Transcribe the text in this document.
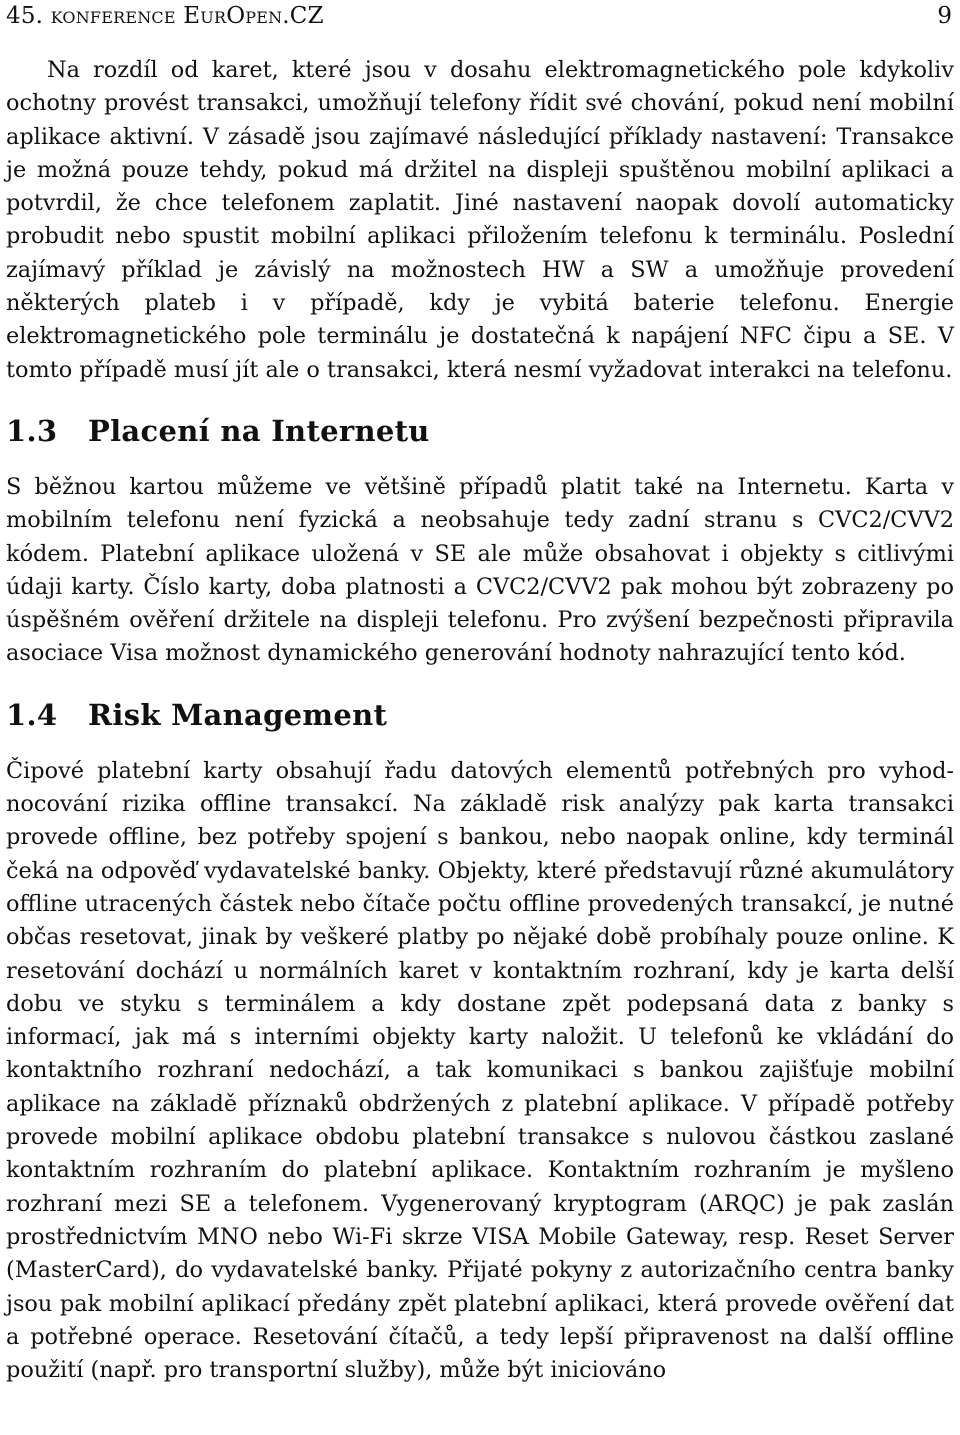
45. konference EurOpen.CZ	9

Na rozdíl od karet, které jsou v dosahu elektromagnetického pole kdykoliv ochotny provést transakci, umožňují telefony řídit své chování, pokud není mobilní aplikace aktivní. V zásadě jsou zajímavé následující příklady nastavení: Transakce je možná pouze tehdy, pokud má držitel na displeji spuštěnou mobilní aplikaci a potvrdil, že chce telefonem zaplatit. Jiné nastavení naopak dovolí automaticky probudit nebo spustit mobilní aplikaci přiložením telefonu k terminálu. Poslední zajímavý příklad je závislý na možnostech HW a SW a umožňuje provedení některých plateb i v případě, kdy je vybitá baterie telefonu. Energie elektromagnetického pole terminálu je dostatečná k napájení NFC čipu a SE. V tomto případě musí jít ale o transakci, která nesmí vyžadovat interakci na telefonu.

1.3	Placení na Internetu

S běžnou kartou můžeme ve většině případů platit také na Internetu. Karta v mobilním telefonu není fyzická a neobsahuje tedy zadní stranu s CVC2/CVV2 kódem. Platební aplikace uložená v SE ale může obsahovat i objekty s citlivými údaji karty. Číslo karty, doba platnosti a CVC2/CVV2 pak mohou být zobrazeny po úspěšném ověření držitele na displeji telefonu. Pro zvýšení bezpečnosti připravila asociace Visa možnost dynamického generování hodnoty nahrazující tento kód.

1.4	Risk Management

Čipové platební karty obsahují řadu datových elementů potřebných pro vyhodnocování rizika offline transakcí. Na základě risk analýzy pak karta transakci provede offline, bez potřeby spojení s bankou, nebo naopak online, kdy terminál čeká na odpověď vydavatelské banky. Objekty, které představují různé akumulátory offline utracených částek nebo čítače počtu offline provedených transakcí, je nutné občas resetovat, jinak by veškeré platby po nějaké době probíhaly pouze online. K resetování dochází u normálních karet v kontaktním rozhraní, kdy je karta delší dobu ve styku s terminálem a kdy dostane zpět podepsaná data z banky s informací, jak má s interními objekty karty naložit. U telefonů ke vkládání do kontaktního rozhraní nedochází, a tak komunikaci s bankou zajišťuje mobilní aplikace na základě příznaků obdržených z platební aplikace. V případě potřeby provede mobilní aplikace obdobu platební transakce s nulovou částkou zaslané kontaktním rozhraním do platební aplikace. Kontaktním rozhraním je myšleno rozhraní mezi SE a telefonem. Vygenerovaný kryptogram (ARQC) je pak zaslán prostřednictvím MNO nebo Wi-Fi skrze VISA Mobile Gateway, resp. Reset Server (MasterCard), do vydavatelské banky. Přijaté pokyny z autorizačního centra banky jsou pak mobilní aplikací předány zpět platební aplikaci, která provede ověření dat a potřebné operace. Resetování čítačů, a tedy lepší připravenost na další offline použití (např. pro transportní služby), může být iniciováno
